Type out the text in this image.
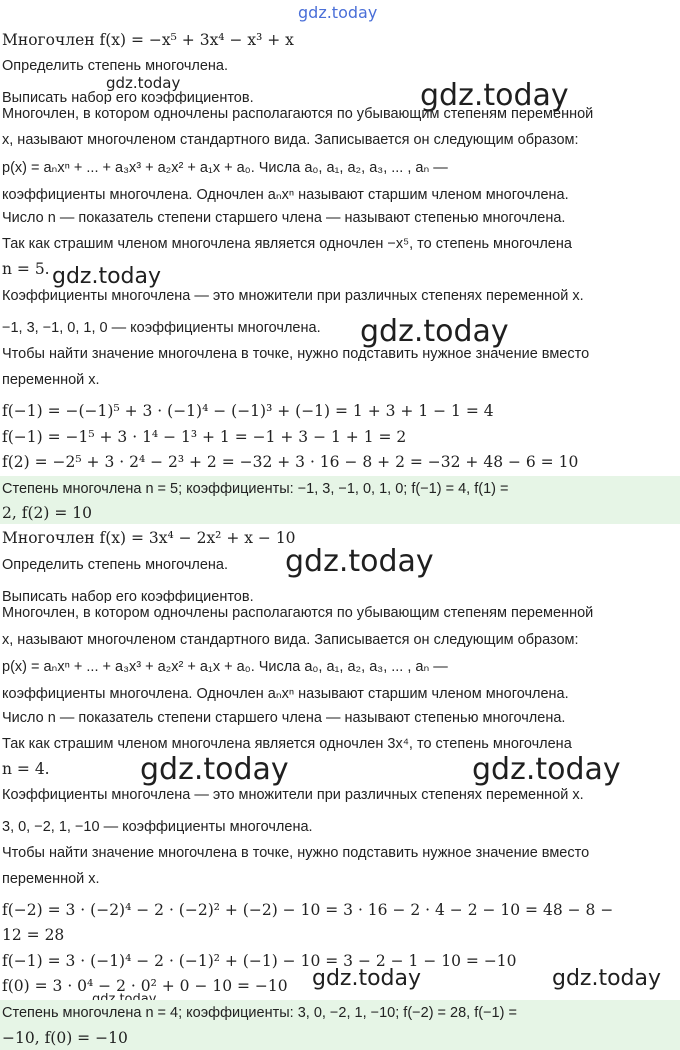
gdz.today
Многочлен f(x) = −x⁵ + 3x⁴ − x³ + x
Определить степень многочлена.
gdz.today
Выписать набор его коэффициентов.	gdz.today
Многочлен, в котором одночлены располагаются по убывающим степеням переменной
x, называют многочленом стандартного вида. Записывается он следующим образом:
p(x) = aₙxⁿ + ... + a₃x³ + a₂x² + a₁x + a₀. Числа a₀, a₁, a₂, a₃, ... , aₙ —
коэффициенты многочлена. Одночлен aₙxⁿ называют старшим членом многочлена.
Число n — показатель степени старшего члена — называют степенью многочлена.
Так как страшим членом многочлена является одночлен −x⁵, то степень многочлена
n = 5. gdz.today
Коэффициенты многочлена — это множители при различных степенях переменной x.
−1, 3, −1, 0, 1, 0 — коэффициенты многочлена.	gdz.today
Чтобы найти значение многочлена в точке, нужно подставить нужное значение вместо
переменной x.
f(−1) = −(−1)⁵ + 3 · (−1)⁴ − (−1)³ + (−1) = 1 + 3 + 1 − 1 = 4
f(−1) = −1⁵ + 3 · 1⁴ − 1³ + 1 = −1 + 3 − 1 + 1 = 2
f(2) = −2⁵ + 3 · 2⁴ − 2³ + 2 = −32 + 3 · 16 − 8 + 2 = −32 + 48 − 6 = 10
Степень многочлена n = 5; коэффициенты: −1, 3, −1, 0, 1, 0; f(−1) = 4, f(1) =
2, f(2) = 10
Многочлен f(x) = 3x⁴ − 2x² + x − 10
gdz.today
Определить степень многочлена.
Выписать набор его коэффициентов.
Многочлен, в котором одночлены располагаются по убывающим степеням переменной
x, называют многочленом стандартного вида. Записывается он следующим образом:
p(x) = aₙxⁿ + ... + a₃x³ + a₂x² + a₁x + a₀. Числа a₀, a₁, a₂, a₃, ... , aₙ —
коэффициенты многочлена. Одночлен aₙxⁿ называют старшим членом многочлена.
Число n — показатель степени старшего члена — называют степенью многочлена.
Так как страшим членом многочлена является одночлен 3x⁴, то степень многочлена
n = 4.	gdz.today	gdz.today
Коэффициенты многочлена — это множители при различных степенях переменной x.
3, 0, −2, 1, −10 — коэффициенты многочлена.
Чтобы найти значение многочлена в точке, нужно подставить нужное значение вместо
переменной x.
f(−2) = 3 · (−2)⁴ − 2 · (−2)² + (−2) − 10 = 3 · 16 − 2 · 4 − 2 − 10 = 48 − 8 −
12 = 28
f(−1) = 3 · (−1)⁴ − 2 · (−1)² + (−1) − 10 = 3 − 2 − 1 − 10 = −10
gdz.today	gdz.today
f(0) = 3 · 0⁴ − 2 · 0² + 0 − 10 = −10
Степень многочлена n = 4; коэффициенты: 3, 0, −2, 1, −10; f(−2) = 28, f(−1) =
−10, f(0) = −10
